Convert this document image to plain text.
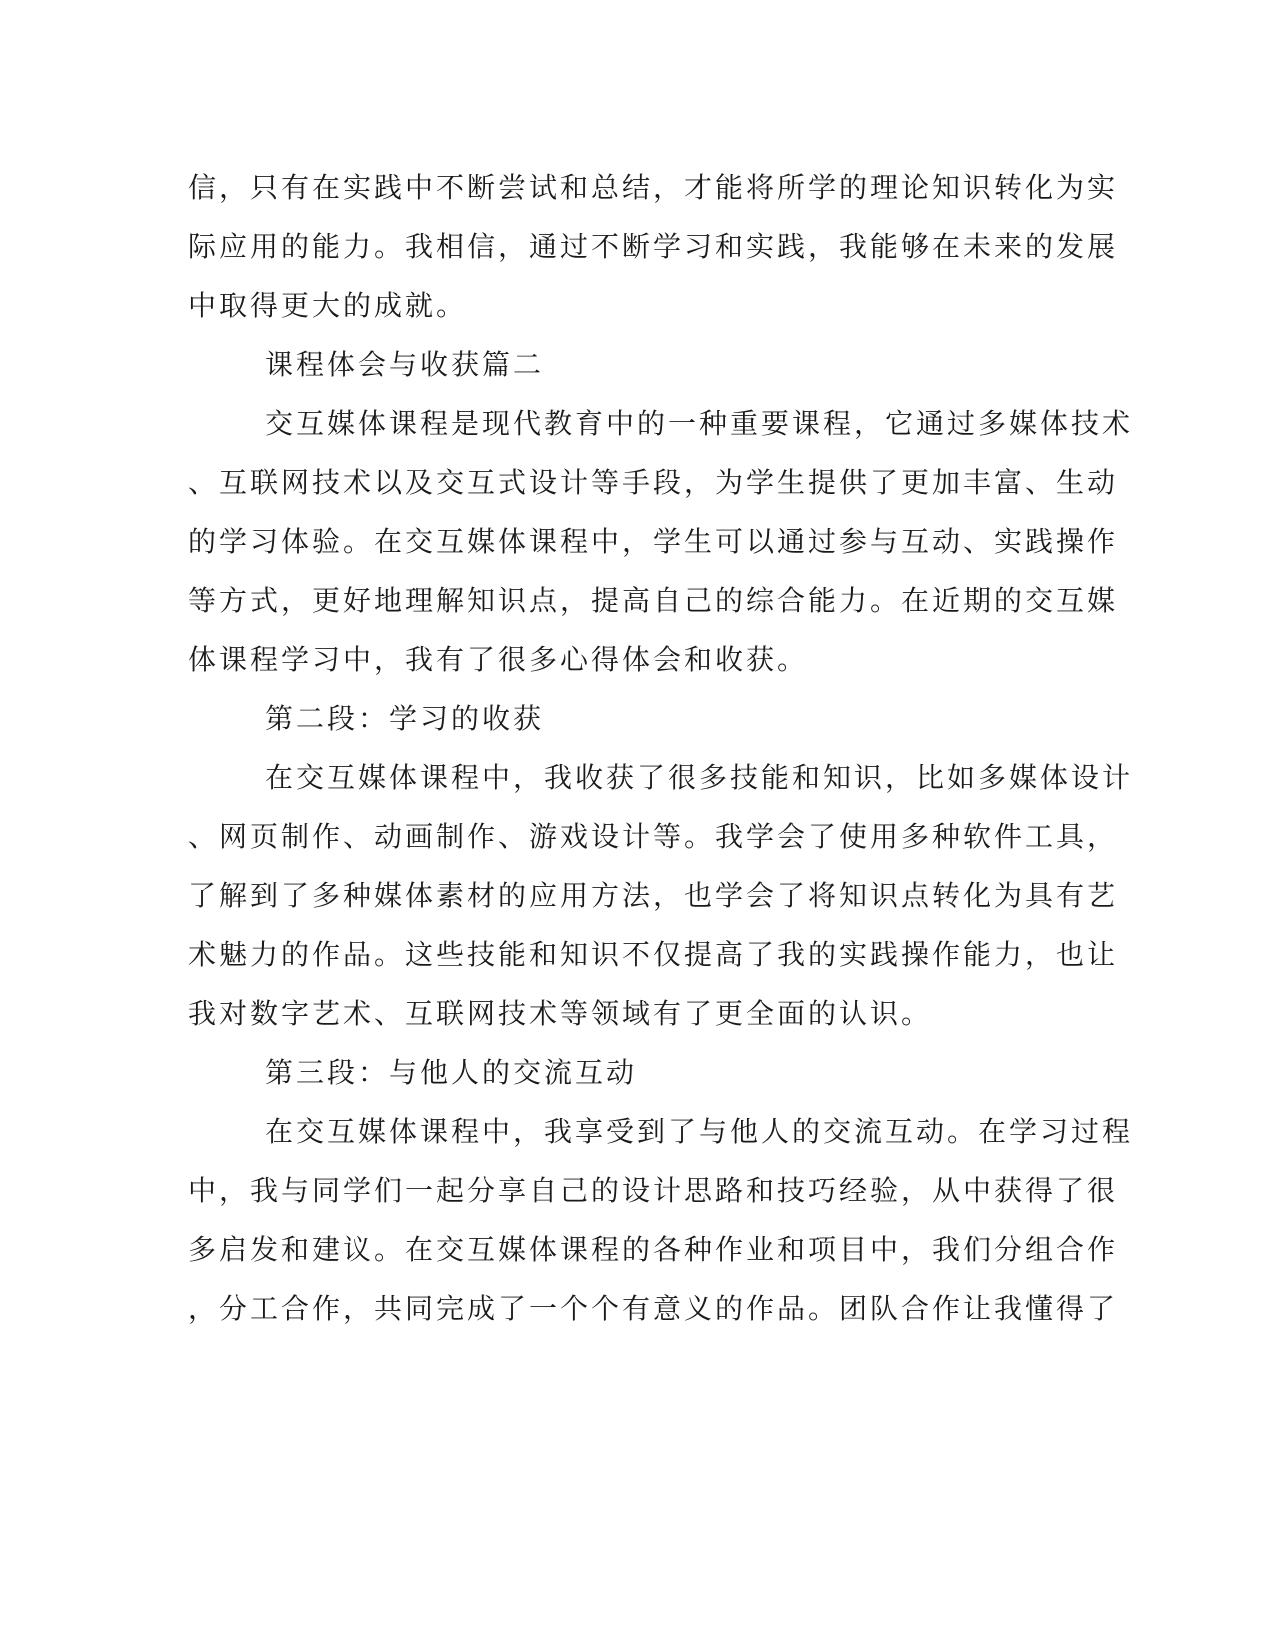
信，只有在实践中不断尝试和总结，才能将所学的理论知识转化为实
际应用的能力。我相信，通过不断学习和实践，我能够在未来的发展
中取得更大的成就。
课程体会与收获篇二
交互媒体课程是现代教育中的一种重要课程，它通过多媒体技术
、互联网技术以及交互式设计等手段，为学生提供了更加丰富、生动
的学习体验。在交互媒体课程中，学生可以通过参与互动、实践操作
等方式，更好地理解知识点，提高自己的综合能力。在近期的交互媒
体课程学习中，我有了很多心得体会和收获。
第二段：学习的收获
在交互媒体课程中，我收获了很多技能和知识，比如多媒体设计
、网页制作、动画制作、游戏设计等。我学会了使用多种软件工具，
了解到了多种媒体素材的应用方法，也学会了将知识点转化为具有艺
术魅力的作品。这些技能和知识不仅提高了我的实践操作能力，也让
我对数字艺术、互联网技术等领域有了更全面的认识。
第三段：与他人的交流互动
在交互媒体课程中，我享受到了与他人的交流互动。在学习过程
中，我与同学们一起分享自己的设计思路和技巧经验，从中获得了很
多启发和建议。在交互媒体课程的各种作业和项目中，我们分组合作
，分工合作，共同完成了一个个有意义的作品。团队合作让我懂得了
